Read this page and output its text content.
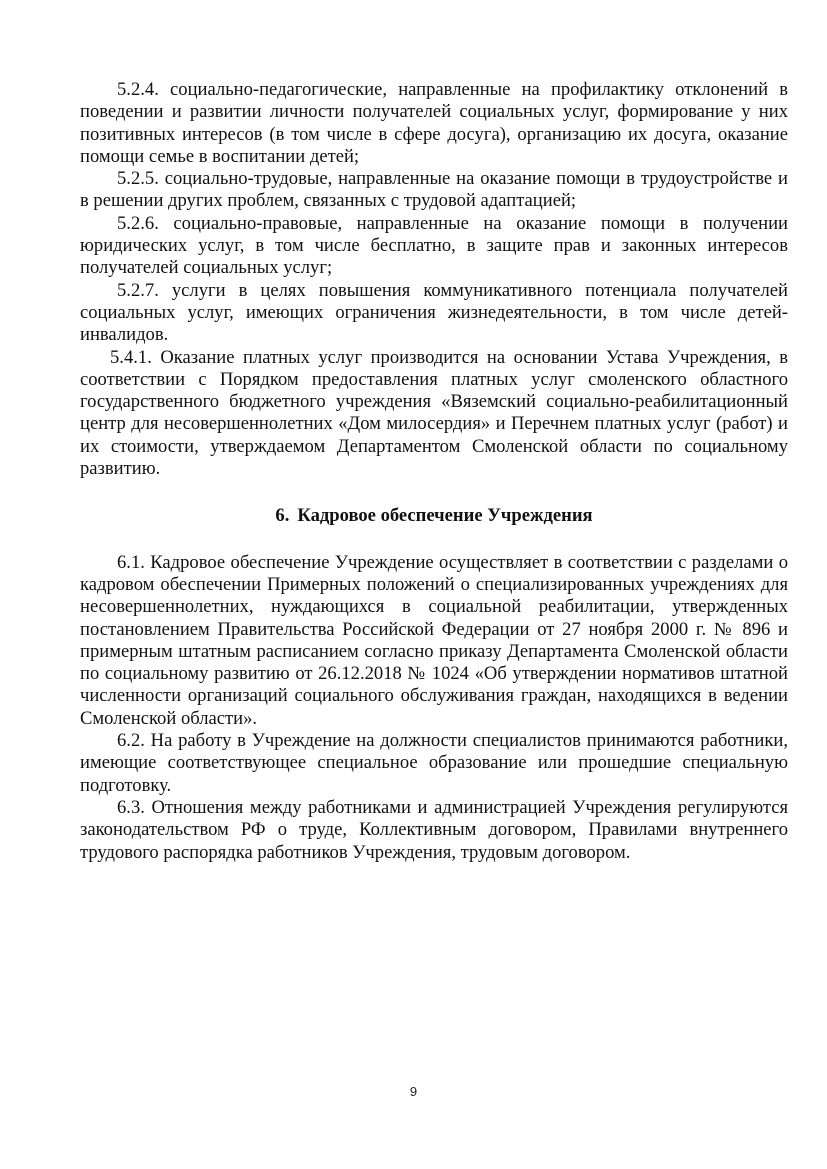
5.2.4. социально-педагогические, направленные на профилактику отклонений в поведении и развитии личности получателей социальных услуг, формирование у них позитивных интересов (в том числе в сфере досуга), организацию их досуга, оказание помощи семье в воспитании детей;

5.2.5. социально-трудовые, направленные на оказание помощи в трудоустройстве и в решении других проблем, связанных с трудовой адаптацией;

5.2.6. социально-правовые, направленные на оказание помощи в получении юридических услуг, в том числе бесплатно, в защите прав и законных интересов получателей социальных услуг;

5.2.7. услуги в целях повышения коммуникативного потенциала получателей социальных услуг, имеющих ограничения жизнедеятельности, в том числе детей-инвалидов.

5.4.1. Оказание платных услуг производится на основании Устава Учреждения, в соответствии с Порядком предоставления платных услуг смоленского областного государственного бюджетного учреждения «Вяземский социально-реабилитационный центр для несовершеннолетних «Дом милосердия» и Перечнем платных услуг (работ) и их стоимости, утверждаемом Департаментом Смоленской области по социальному развитию.

6. Кадровое обеспечение Учреждения

6.1. Кадровое обеспечение Учреждение осуществляет в соответствии с разделами о кадровом обеспечении Примерных положений о специализированных учреждениях для несовершеннолетних, нуждающихся в социальной реабилитации, утвержденных постановлением Правительства Российской Федерации от 27 ноября 2000 г. № 896 и примерным штатным расписанием согласно приказу Департамента Смоленской области по социальному развитию от 26.12.2018 № 1024 «Об утверждении нормативов штатной численности организаций социального обслуживания граждан, находящихся в ведении Смоленской области».

6.2. На работу в Учреждение на должности специалистов принимаются работники, имеющие соответствующее специальное образование или прошедшие специальную подготовку.

6.3. Отношения между работниками и администрацией Учреждения регулируются законодательством РФ о труде, Коллективным договором, Правилами внутреннего трудового распорядка работников Учреждения, трудовым договором.

9
